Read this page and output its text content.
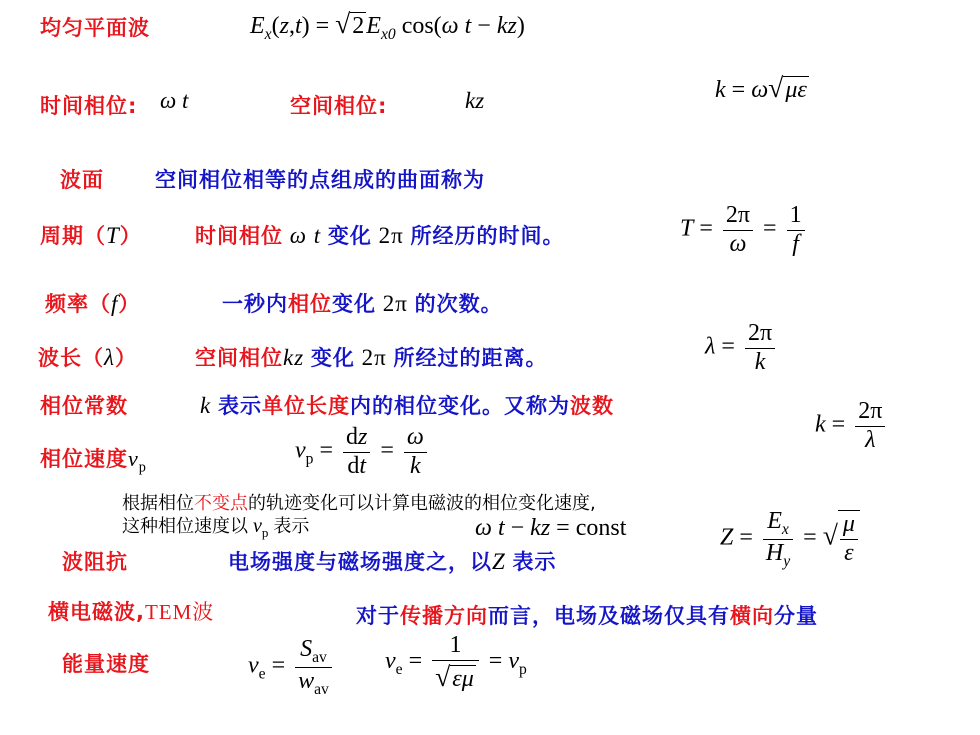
均匀平面波	$E_x(z,t) = √2E_{x0}$ cos(ω t − kz)
时间相位: ω t	空间相位:	kz	k = ω√με
波面 空间相位相等的点组成的曲面称为
周期（T）	时间相位 ω t 变化 2π 所经历的时间。	$T = \frac{2\pi}{\omega} = \frac{1}{f}$
频率（f）	一秒内相位变化 2π 的次数。
波长（λ）	空间相位kz 变化 2π 所经过的距离。	$\lambda = \frac{2\pi}{k}$
相位常数	k 表示单位长度内的相位变化。又称为波数
$k = \frac{2\pi}{\lambda}$
相位速度$v_p$
$v_p = \frac{dz}{dt} = \frac{\omega}{k}$
根据相位不变点的轨迹变化可以计算电磁波的相位变化速度,
这种相位速度以 $v_p$ 表示	ω t − kz = const
波阻抗	电场强度与磁场强度之，以Z 表示
$Z = \frac{E_x}{H_y}$ = √ $\frac{\mu}{\varepsilon}$
横电磁波,TEM波	对于传播方向而言，电场及磁场仅具有横向分量
能量速度	$v_e = \frac{S_{av}}{w_{av}} v_e = \frac{1}{√\varepsilon\mu} = v_p$
